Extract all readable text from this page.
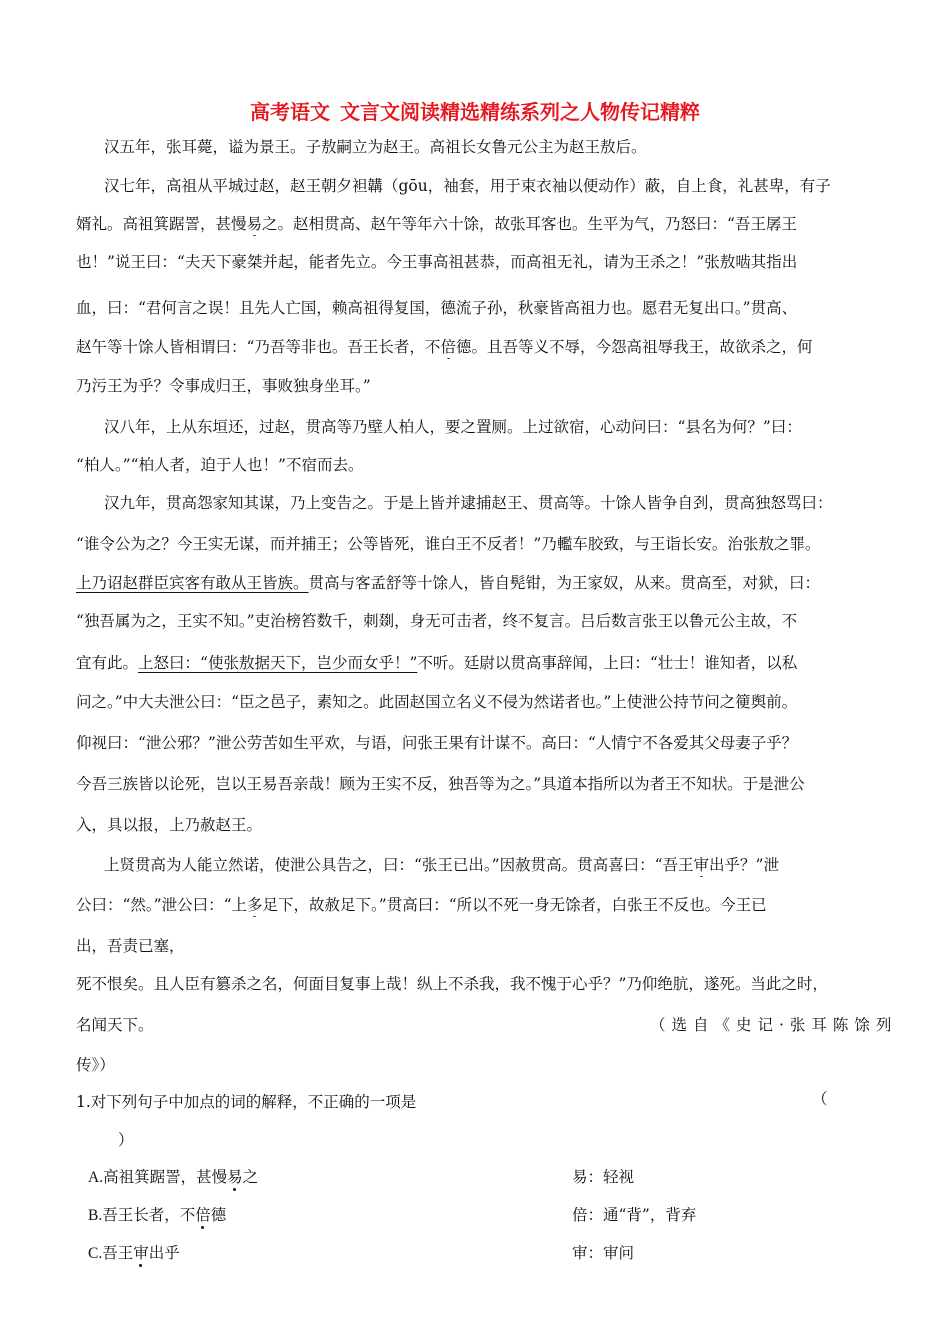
高考语文 文言文阅读精选精练系列之人物传记精粹
汉五年，张耳薨，谥为景王。子敖嗣立为赵王。高祖长女鲁元公主为赵王敖后。
汉七年，高祖从平城过赵，赵王朝夕袒韝（gōu，袖套，用于束衣袖以便动作）蔽，自上食，礼甚卑，有子
婿礼。高祖箕踞詈，甚慢易之。赵相贯高、赵午等年六十馀，故张耳客也。生平为气，乃怒曰：“吾王孱王
也！”说王曰：“夫天下豪桀并起，能者先立。今王事高祖甚恭，而高祖无礼，请为王杀之！”张敖啮其指出
血，曰：“君何言之误！且先人亡国，赖高祖得复国，德流子孙，秋豪皆高祖力也。愿君无复出口。”贯高、
赵午等十馀人皆相谓曰：“乃吾等非也。吾王长者，不倍德。且吾等义不辱，今怨高祖辱我王，故欲杀之，何
乃污王为乎？令事成归王，事败独身坐耳。”
汉八年，上从东垣还，过赵，贯高等乃壁人柏人，要之置厕。上过欲宿，心动问曰：“县名为何？”曰：
“柏人。”“柏人者，迫于人也！”不宿而去。
汉九年，贯高怨家知其谋，乃上变告之。于是上皆并逮捕赵王、贯高等。十馀人皆争自刭，贯高独怒骂曰：
“谁令公为之？今王实无谋，而并捕王；公等皆死，谁白王不反者！”乃轞车胶致，与王诣长安。治张敖之罪。
上乃诏赵群臣宾客有敢从王皆族。贯高与客孟舒等十馀人，皆自髡钳，为王家奴，从来。贯高至，对狱，曰：
“独吾属为之，王实不知。”吏治榜笞数千，刺剟，身无可击者，终不复言。吕后数言张王以鲁元公主故，不
宜有此。上怒曰：“使张敖据天下，岂少而女乎！”不听。廷尉以贯高事辞闻，上曰：“壮士！谁知者，以私
问之。”中大夫泄公曰：“臣之邑子，素知之。此固赵国立名义不侵为然诺者也。”上使泄公持节问之箯舆前。
仰视曰：“泄公邪？”泄公劳苦如生平欢，与语，问张王果有计谋不。高曰：“人情宁不各爱其父母妻子乎？
今吾三族皆以论死，岂以王易吾亲哉！顾为王实不反，独吾等为之。”具道本指所以为者王不知状。于是泄公
入，具以报，上乃赦赵王。
上贤贯高为人能立然诺，使泄公具告之，曰：“张王已出。”因赦贯高。贯高喜曰：“吾王审出乎？”泄
公曰：“然。”泄公曰：“上多足下，故赦足下。”贯高曰：“所以不死一身无馀者，白张王不反也。今王已
出，吾责已塞，
死不恨矣。且人臣有篡杀之名，何面目复事上哉！纵上不杀我，我不愧于心乎？”乃仰绝肮，遂死。当此之时，
名闻天下。	（选自《史记·张耳陈馀列
传》）
1.对下列句子中加点的词的解释，不正确的一项是	（
）
A.高祖箕踞詈，甚慢易之	易：轻视
B.吾王长者，不倍德	倍：通“背”，背弃
C.吾王审出乎	审：审问
